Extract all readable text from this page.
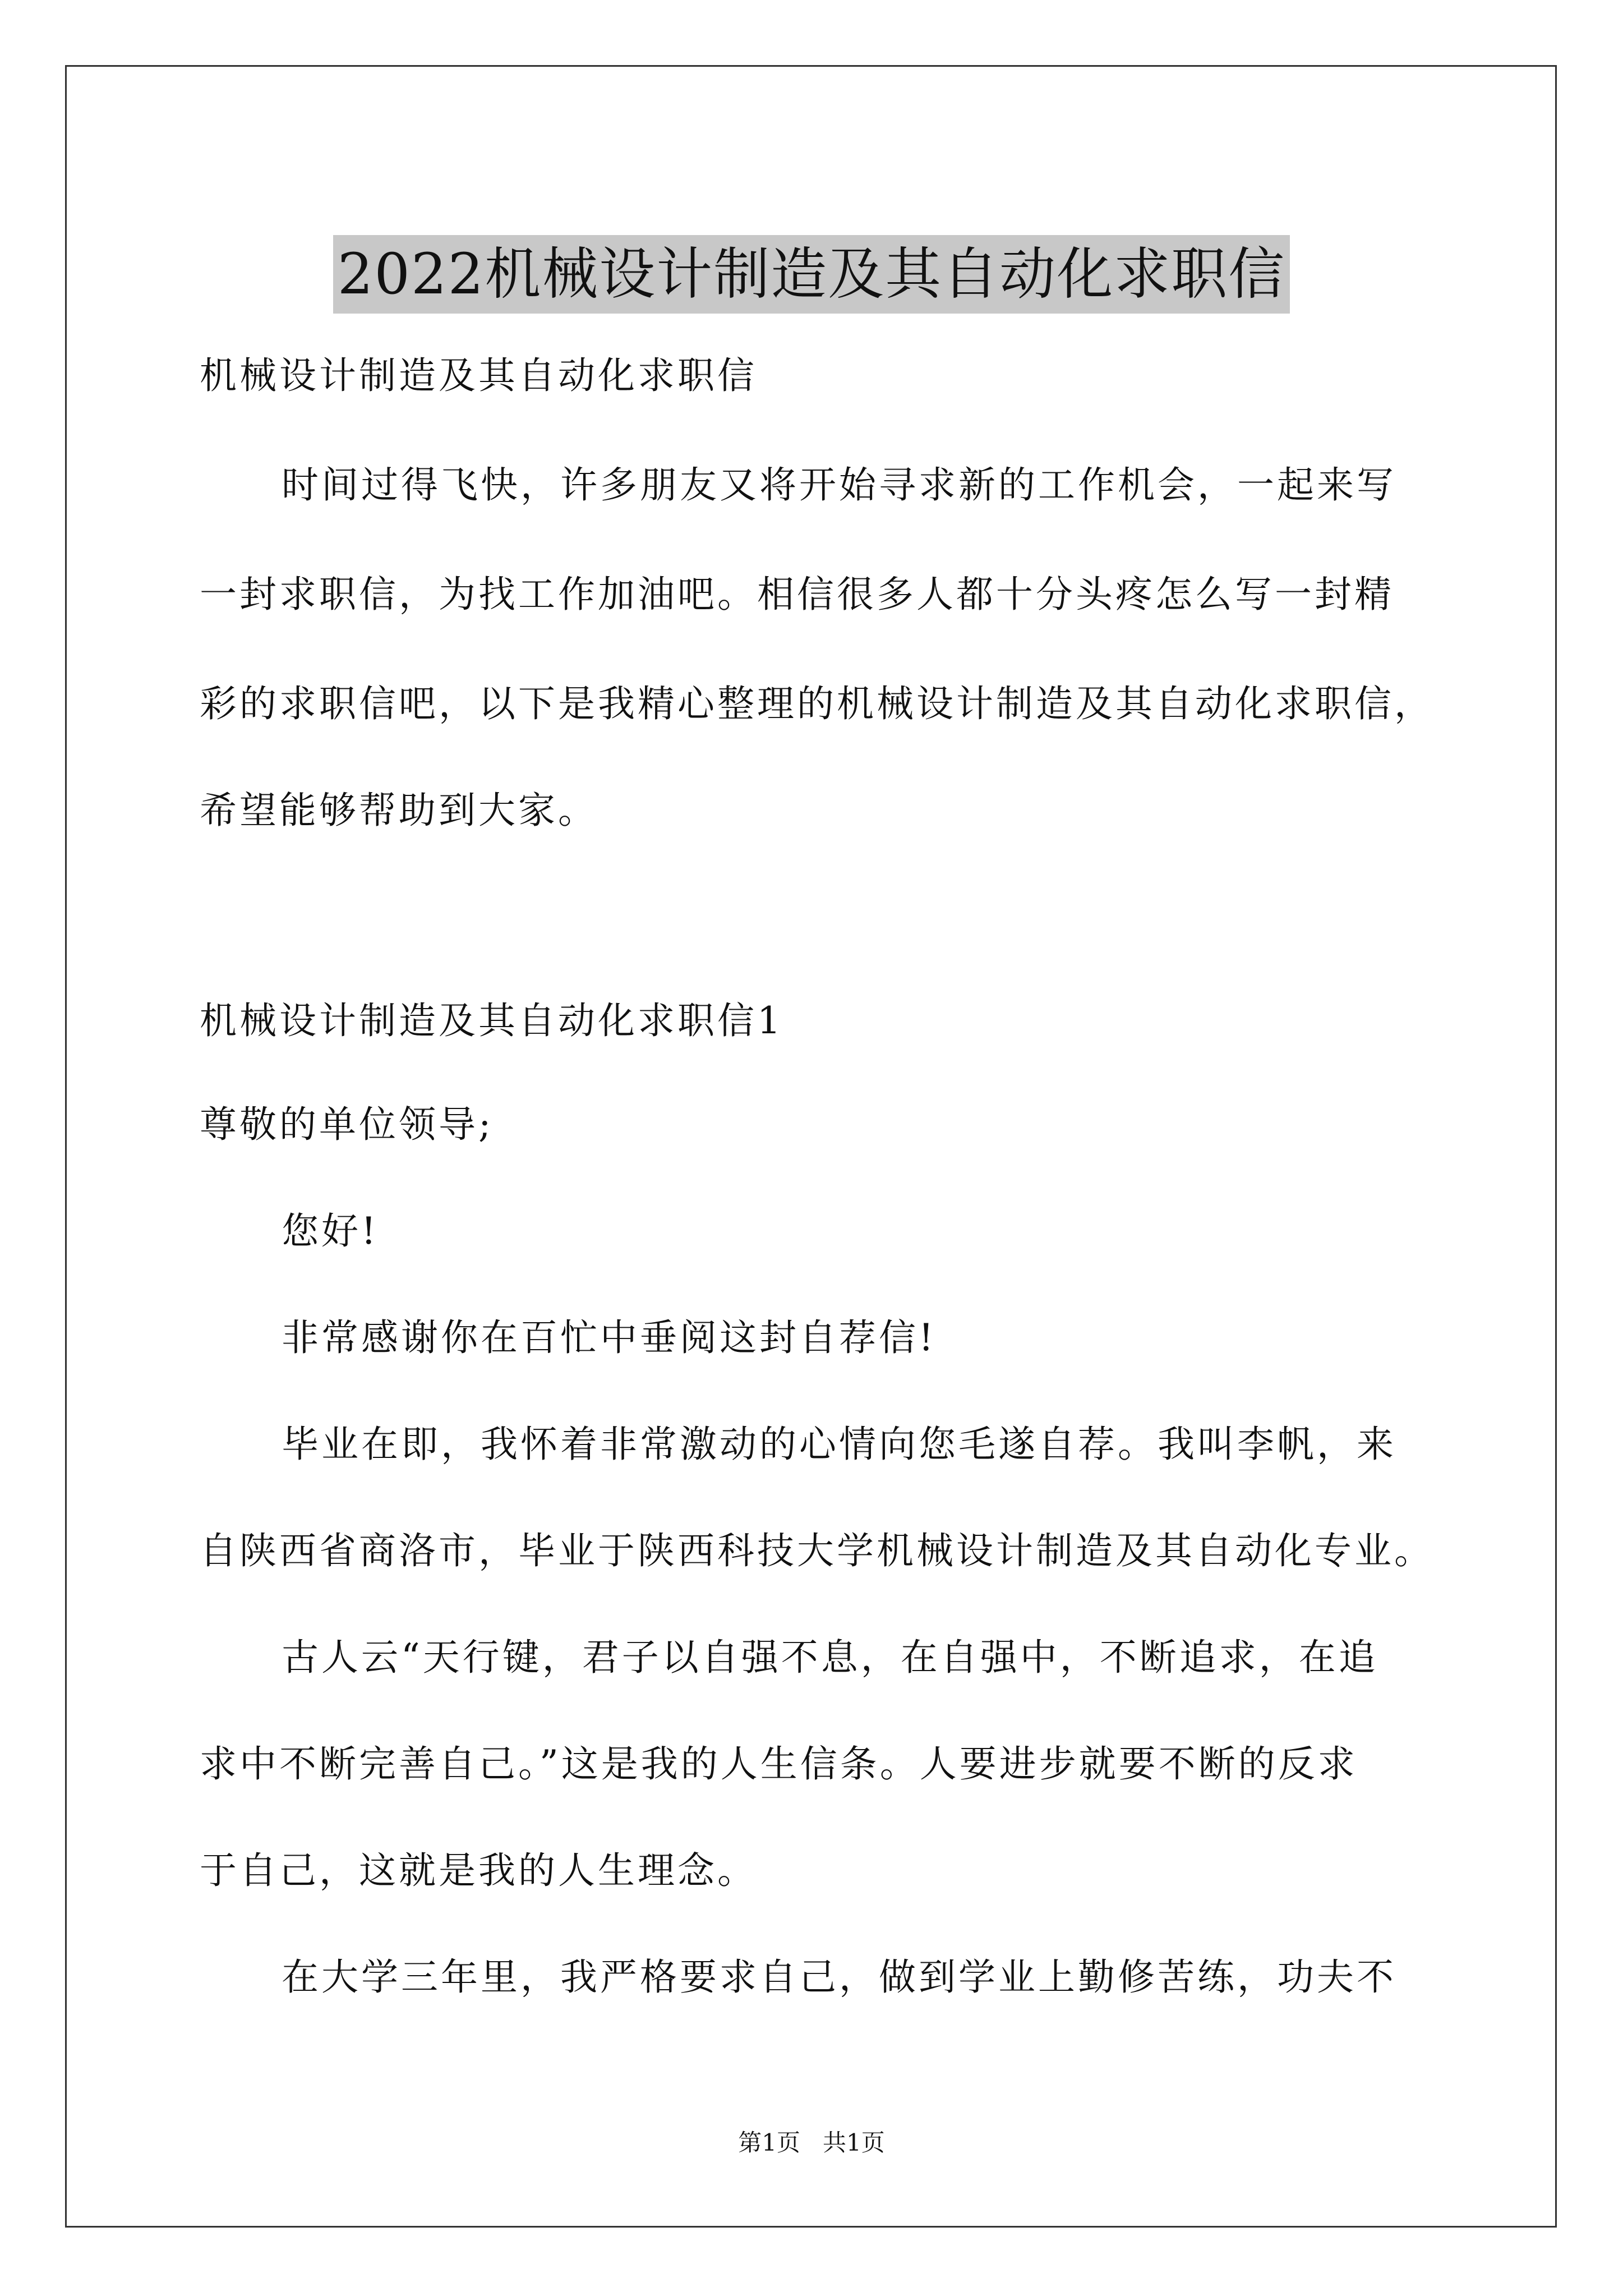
2022机械设计制造及其自动化求职信
机械设计制造及其自动化求职信
时间过得飞快，许多朋友又将开始寻求新的工作机会，一起来写
一封求职信，为找工作加油吧。相信很多人都十分头疼怎么写一封精
彩的求职信吧，以下是我精心整理的机械设计制造及其自动化求职信，
希望能够帮助到大家。
机械设计制造及其自动化求职信1
尊敬的单位领导;
您好!
非常感谢你在百忙中垂阅这封自荐信!
毕业在即，我怀着非常激动的心情向您毛遂自荐。我叫李帆，来
自陕西省商洛市，毕业于陕西科技大学机械设计制造及其自动化专业。
古人云“天行键，君子以自强不息，在自强中，不断追求，在追
求中不断完善自己。”这是我的人生信条。人要进步就要不断的反求
于自己，这就是我的人生理念。
在大学三年里，我严格要求自己，做到学业上勤修苦练，功夫不
第1页   共1页
